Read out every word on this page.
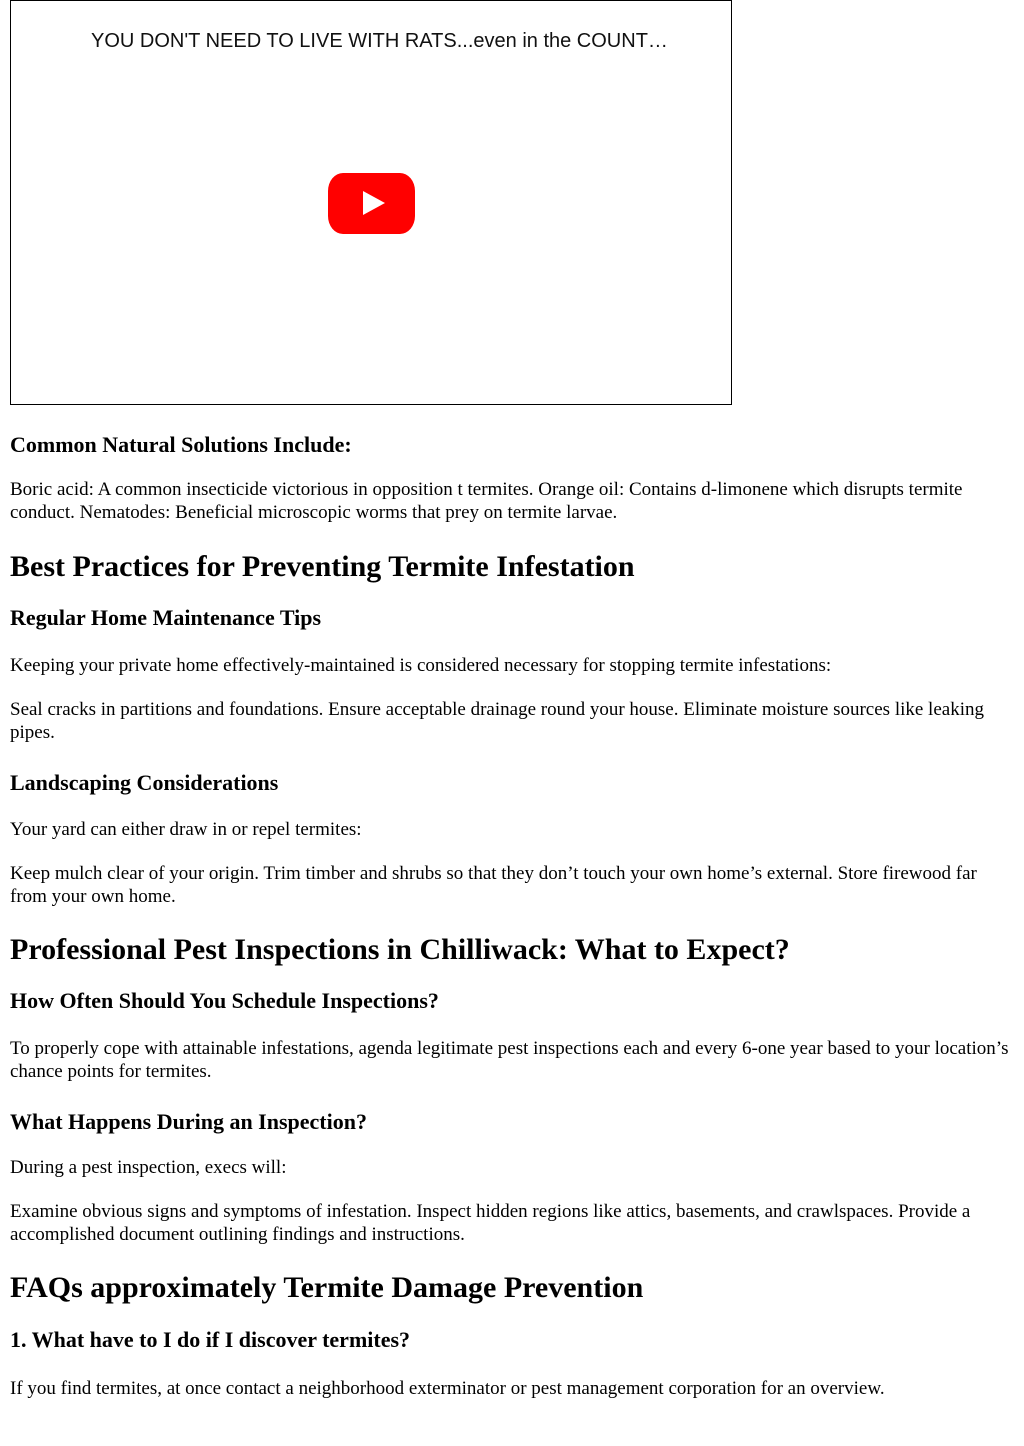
YOU DON'T NEED TO LIVE WITH RATS...even in the COUNT…
Common Natural Solutions Include:

Boric acid: A common insecticide victorious in opposition t termites. Orange oil: Contains d-limonene which disrupts termite conduct. Nematodes: Beneficial microscopic worms that prey on termite larvae.

Best Practices for Preventing Termite Infestation
Regular Home Maintenance Tips

Keeping your private home effectively-maintained is considered necessary for stopping termite infestations:

Seal cracks in partitions and foundations. Ensure acceptable drainage round your house. Eliminate moisture sources like leaking pipes.

Landscaping Considerations

Your yard can either draw in or repel termites:

Keep mulch clear of your origin. Trim timber and shrubs so that they don’t touch your own home’s external. Store firewood far from your own home.

Professional Pest Inspections in Chilliwack: What to Expect?
How Often Should You Schedule Inspections?

To properly cope with attainable infestations, agenda legitimate pest inspections each and every 6-one year based to your location’s chance points for termites.

What Happens During an Inspection?

During a pest inspection, execs will:

Examine obvious signs and symptoms of infestation. Inspect hidden regions like attics, basements, and crawlspaces. Provide a accomplished document outlining findings and instructions.

FAQs approximately Termite Damage Prevention
1. What have to I do if I discover termites?

If you find termites, at once contact a neighborhood exterminator or pest management corporation for an overview.
